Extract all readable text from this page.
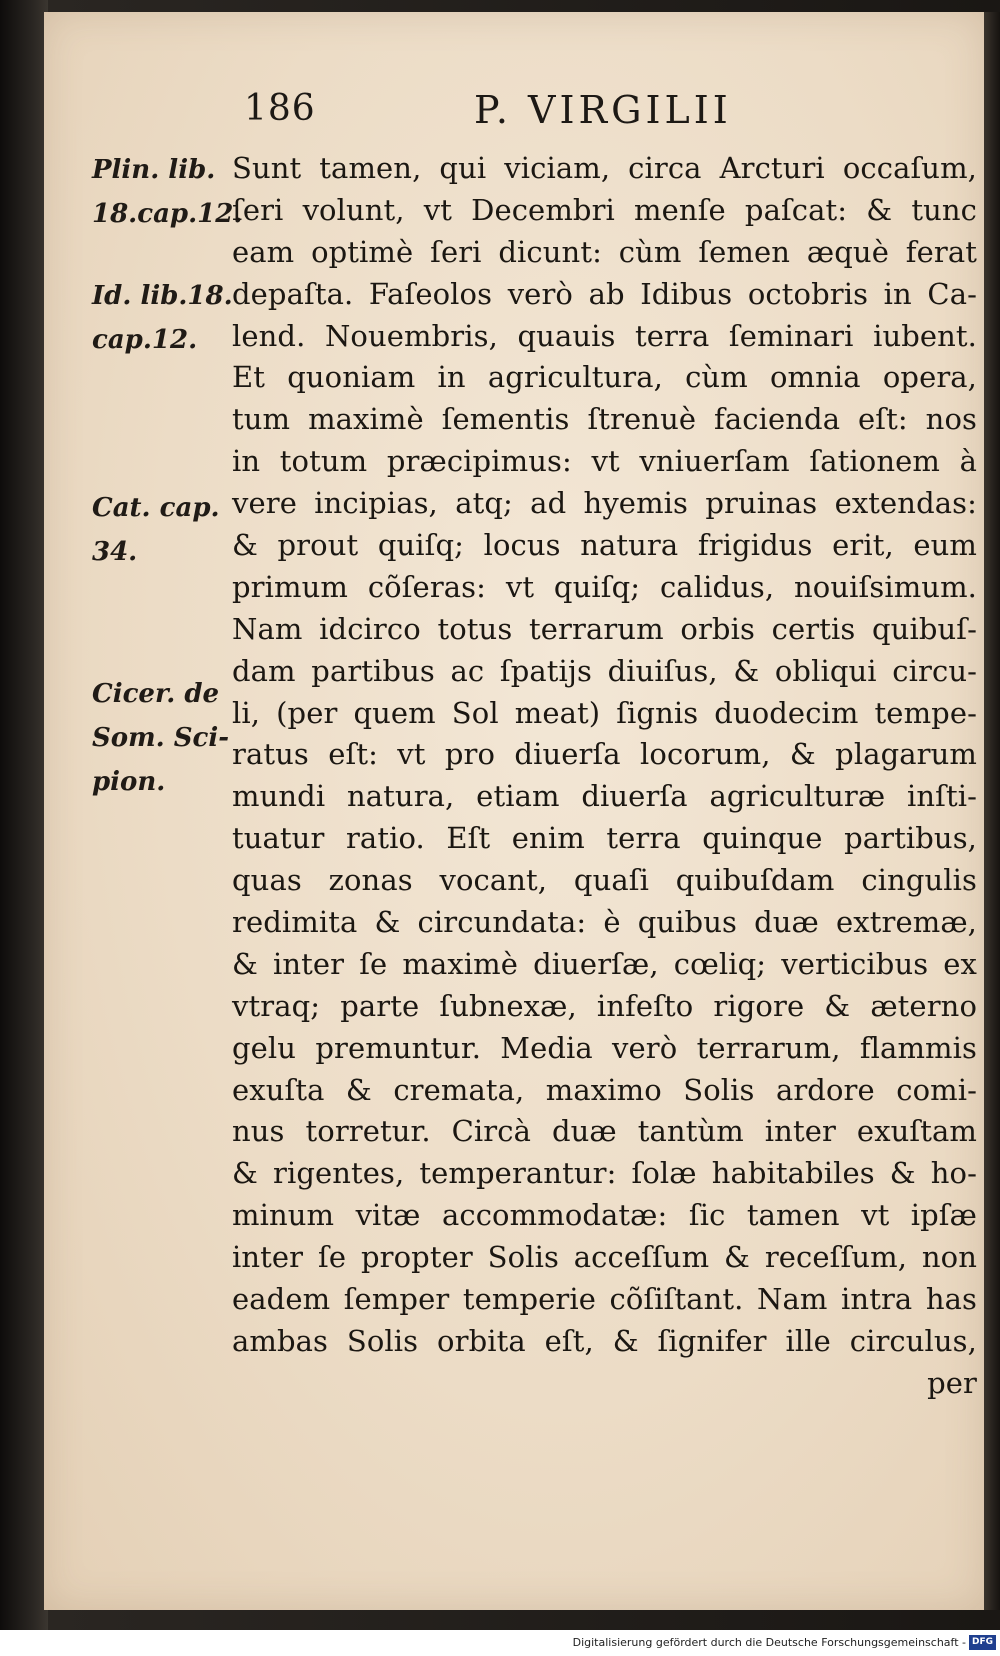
186	P. VIRGILII
Plin. lib.
18.cap.12.
Id. lib.18.
cap.12.
Cat. cap.
34.
Cicer. de
Som. Sci-
pion.
Sunt tamen, qui viciam, circa Arcturi occaſum,
ſeri volunt, vt Decembri menſe paſcat: & tunc
eam optimè ſeri dicunt: cùm ſemen æquè ferat
depaſta. Faſeolos verò ab Idibus octobris in Ca-
lend. Nouembris, quauis terra ſeminari iubent.
Et quoniam in agricultura, cùm omnia opera,
tum maximè ſementis ſtrenuè facienda eſt: nos
in totum præcipimus: vt vniuerſam ſationem à
vere incipias, atq; ad hyemis pruinas extendas:
& prout quiſq; locus natura frigidus erit, eum
primum cõſeras: vt quiſq; calidus, nouiſsimum.
Nam idcirco totus terrarum orbis certis quibuſ-
dam partibus ac ſpatijs diuiſus, & obliqui circu-
li, (per quem Sol meat) ſignis duodecim tempe-
ratus eſt: vt pro diuerſa locorum, & plagarum
mundi natura, etiam diuerſa agriculturæ inſti-
tuatur ratio. Eſt enim terra quinque partibus,
quas zonas vocant, quaſi quibuſdam cingulis
redimita & circundata: è quibus duæ extremæ,
& inter ſe maximè diuerſæ, cœliq; verticibus ex
vtraq; parte ſubnexæ, infeſto rigore & æterno
gelu premuntur. Media verò terrarum, flammis
exuſta & cremata, maximo Solis ardore comi-
nus torretur. Circà duæ tantùm inter exuſtam
& rigentes, temperantur: ſolæ habitabiles & ho-
minum vitæ accommodatæ: ſic tamen vt ipſæ
inter ſe propter Solis acceſſum & receſſum, non
eadem ſemper temperie cõſiſtant. Nam intra has
ambas Solis orbita eſt, & ſignifer ille circulus,
per
Digitalisierung gefördert durch die Deutsche Forschungsgemeinschaft - DFG
